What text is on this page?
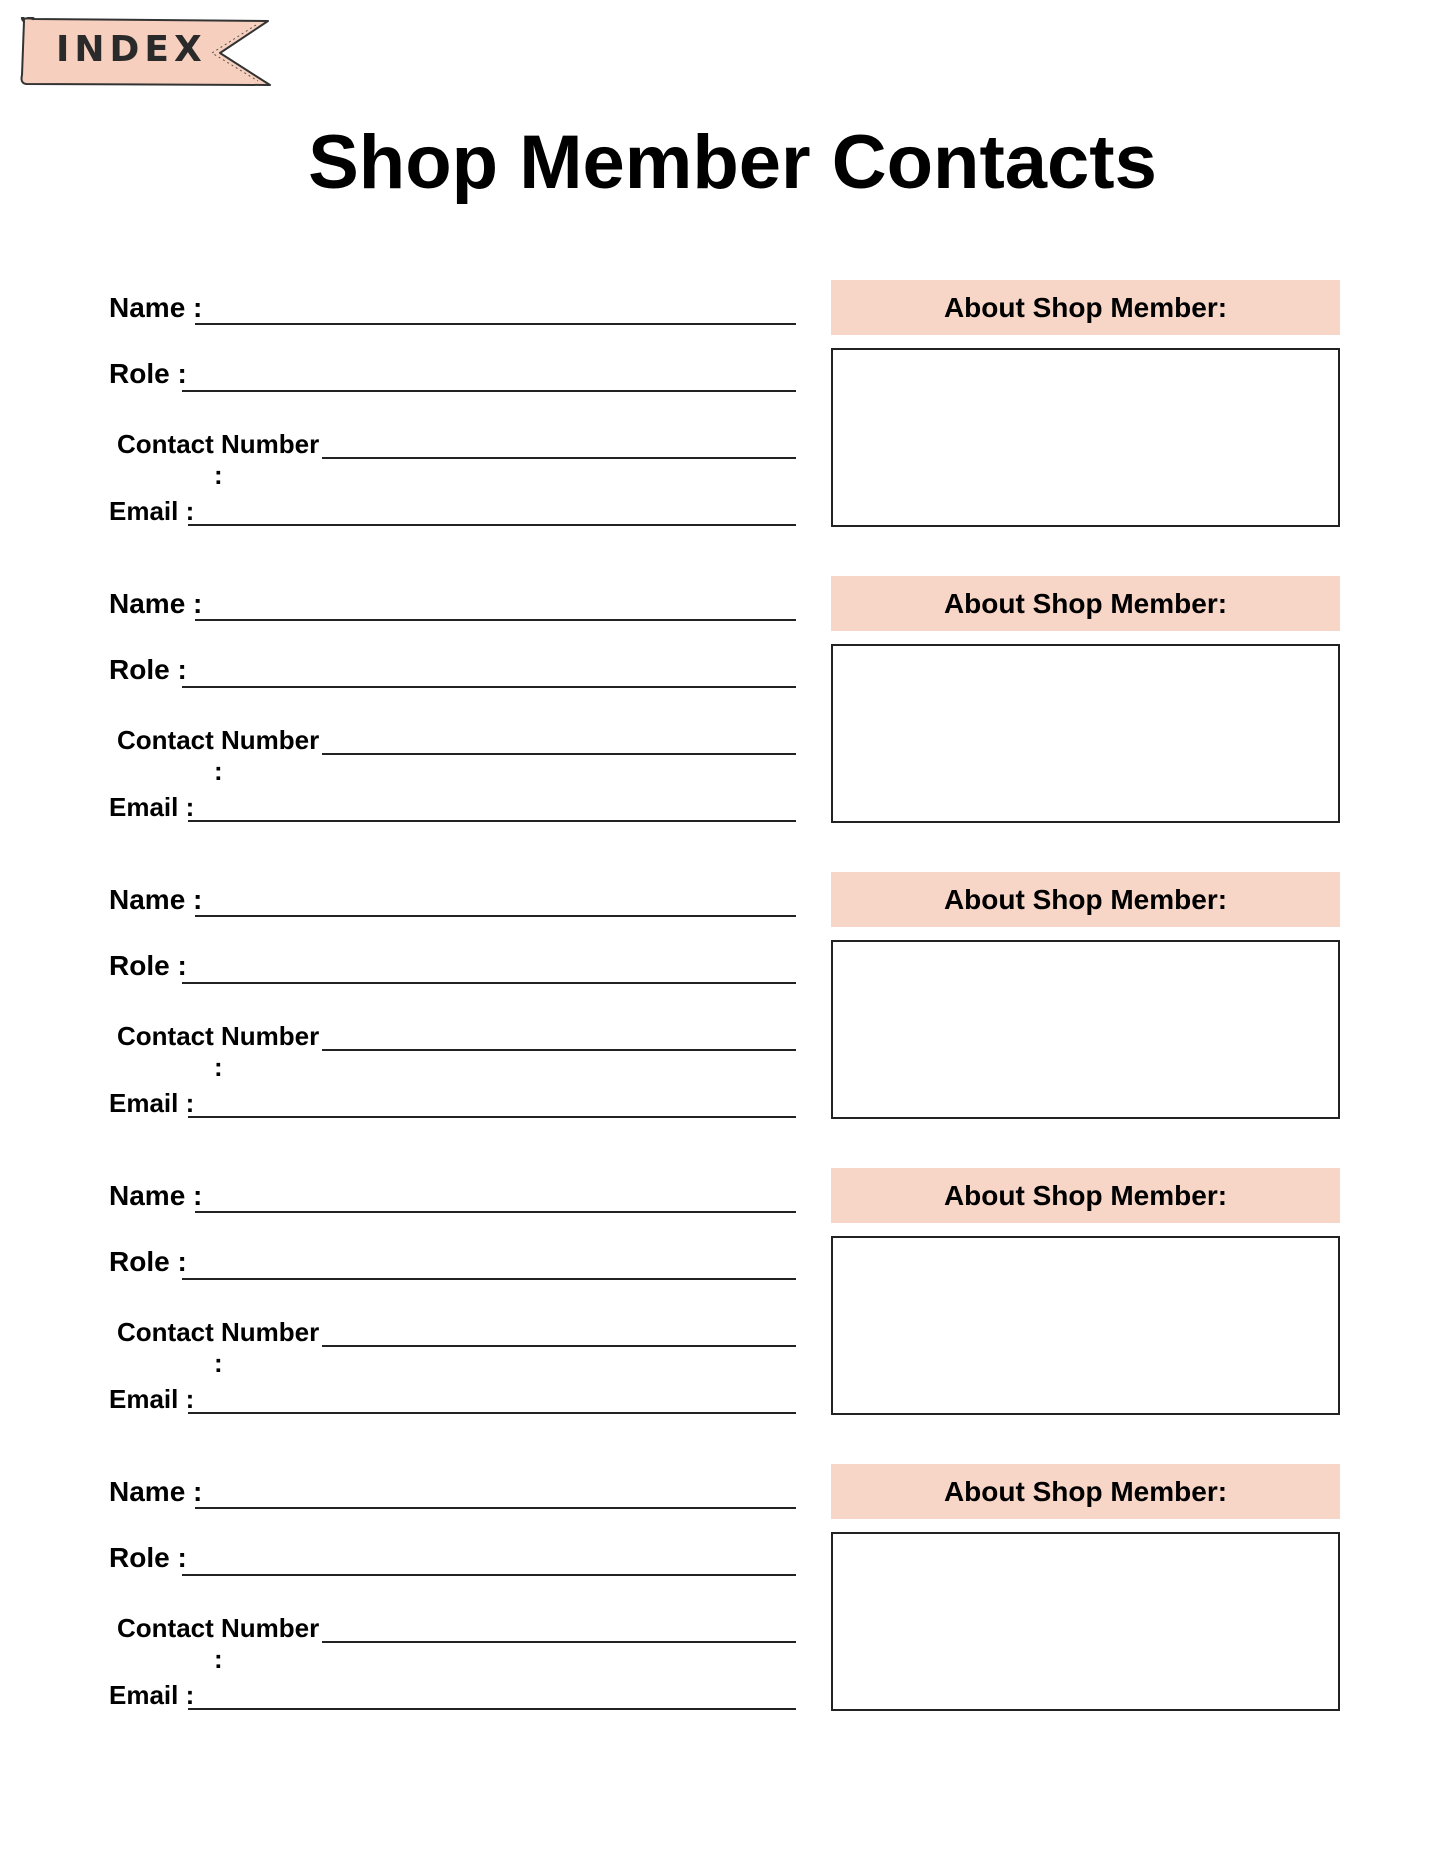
INDEX
Shop Member Contacts
Name :
Role :
Contact Number
:
Email :
About Shop Member:
Name :
Role :
Contact Number
:
Email :
About Shop Member:
Name :
Role :
Contact Number
:
Email :
About Shop Member:
Name :
Role :
Contact Number
:
Email :
About Shop Member:
Name :
Role :
Contact Number
:
Email :
About Shop Member:
